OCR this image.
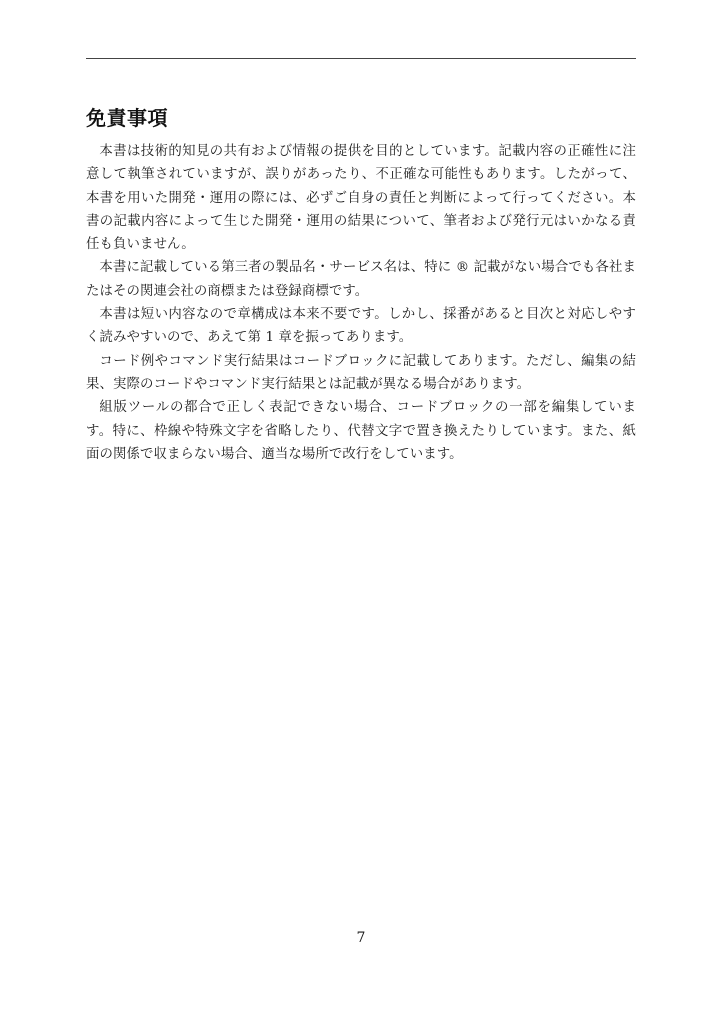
免責事項

本書は技術的知見の共有および情報の提供を目的としています。記載内容の正確性に注意して執筆されていますが、誤りがあったり、不正確な可能性もあります。したがって、本書を用いた開発・運用の際には、必ずご自身の責任と判断によって行ってください。本書の記載内容によって生じた開発・運用の結果について、筆者および発行元はいかなる責任も負いません。

本書に記載している第三者の製品名・サービス名は、特に ® 記載がない場合でも各社またはその関連会社の商標または登録商標です。

本書は短い内容なので章構成は本来不要です。しかし、採番があると目次と対応しやすく読みやすいので、あえて第 1 章を振ってあります。

コード例やコマンド実行結果はコードブロックに記載してあります。ただし、編集の結果、実際のコードやコマンド実行結果とは記載が異なる場合があります。

組版ツールの都合で正しく表記できない場合、コードブロックの一部を編集しています。特に、枠線や特殊文字を省略したり、代替文字で置き換えたりしています。また、紙面の関係で収まらない場合、適当な場所で改行をしています。

7
